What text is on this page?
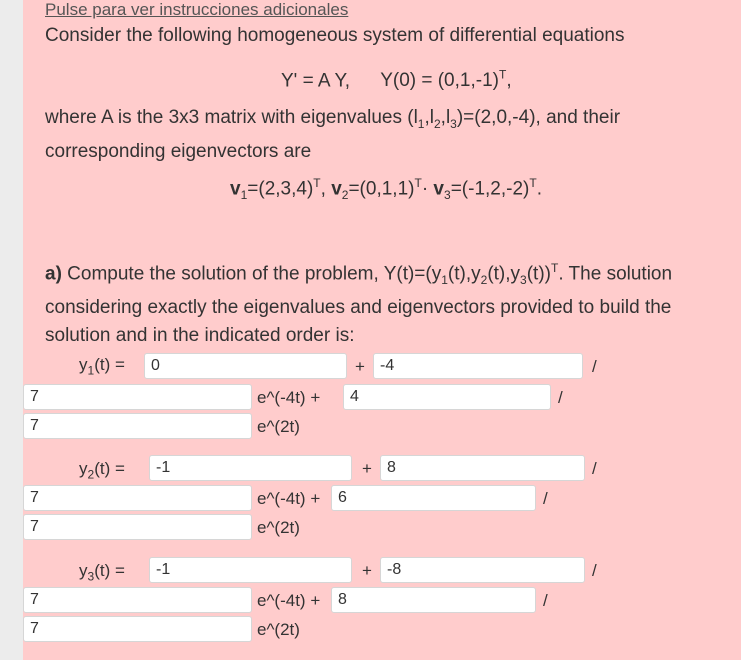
Pulse para ver instrucciones adicionales
Consider the following homogeneous system of differential equations
Y' = A Y, $Y(0) = (0,1,-1)^T$,
where A is the 3x3 matrix with eigenvalues $(l_1,l_2,l_3)=(2,0,-4)$, and their
corresponding eigenvectors are
$v_1=(2,3,4)^T$, $v_2=(0,1,1)^T\cdot v_3=(-1,2,-2)^T$.
a) Compute the solution of the problem, $Y(t)=(y_1(t),y_2(t),y_3(t))^T$. The solution
considering exactly the eigenvalues and eigenvectors provided to build the
solution and in the indicated order is:
$y_1(t)$ =
0	+
-4	/
7
e^(-4t) +
4	/
7
e^(2t)
$y_2(t)$ =
-1	+
8	/
7
e^(-4t) +
6	/
7
e^(2t)
$y_3(t)$ =
-1	+
-8	/
7
e^(-4t) +
8	/
7
e^(2t)
